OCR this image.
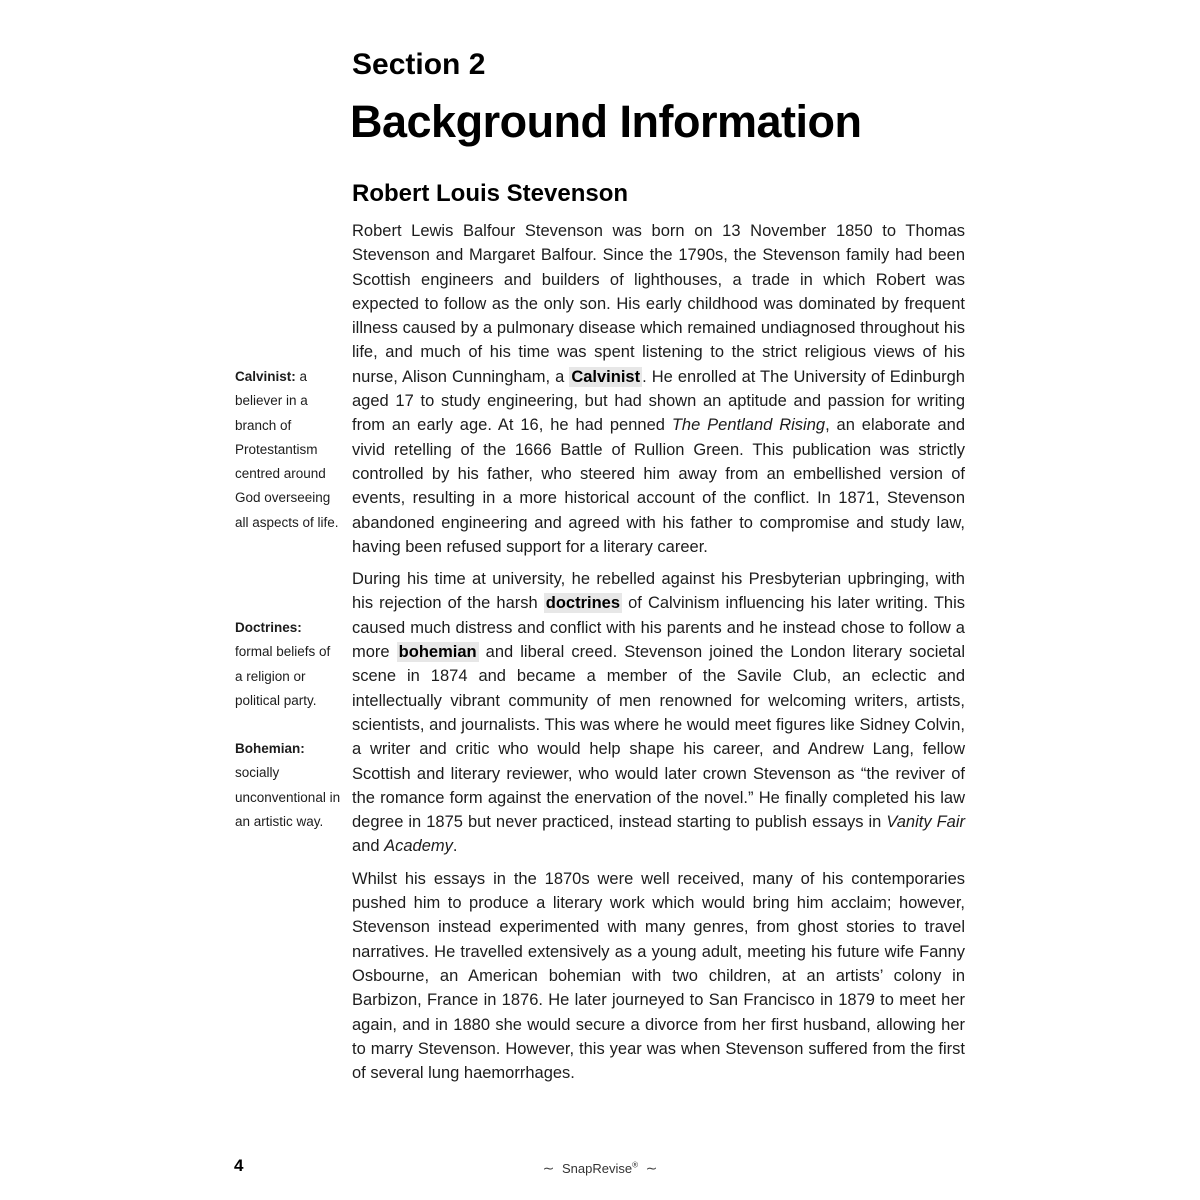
Section 2
Background Information
Robert Louis Stevenson

Robert Lewis Balfour Stevenson was born on 13 November 1850 to Thomas Stevenson and Margaret Balfour. Since the 1790s, the Stevenson family had been Scottish engineers and builders of lighthouses, a trade in which Robert was expected to follow as the only son. His early childhood was dominated by frequent illness caused by a pulmonary disease which remained undiagnosed throughout his life, and much of his time was spent listening to the strict religious views of his nurse, Alison Cunningham, a Calvinist . He enrolled at The University of Edinburgh aged 17 to study engineering, but had shown an aptitude and passion for writing from an early age. At 16, he had penned The Pentland Rising, an elaborate and vivid retelling of the 1666 Battle of Rullion Green. This publication was strictly controlled by his father, who steered him away from an embellished version of events, resulting in a more historical account of the conflict. In 1871, Stevenson abandoned engineering and agreed with his father to compromise and study law, having been refused support for a literary career.

During his time at university, he rebelled against his Presbyterian upbringing, with his rejection of the harsh doctrines of Calvinism influencing his later writing. This caused much distress and conflict with his parents and he instead chose to follow a more bohemian and liberal creed. Stevenson joined the London literary societal scene in 1874 and became a member of the Savile Club, an eclectic and intellectually vibrant community of men renowned for welcoming writers, artists, scientists, and journalists. This was where he would meet figures like Sidney Colvin, a writer and critic who would help shape his career, and Andrew Lang, fellow Scottish and literary reviewer, who would later crown Stevenson as “the reviver of the romance form against the enervation of the novel.” He finally completed his law degree in 1875 but never practiced, instead starting to publish essays in Vanity Fair and Academy.

Whilst his essays in the 1870s were well received, many of his contemporaries pushed him to produce a literary work which would bring him acclaim; however, Stevenson instead experimented with many genres, from ghost stories to travel narratives. He travelled extensively as a young adult, meeting his future wife Fanny Osbourne, an American bohemian with two children, at an artists’ colony in Barbizon, France in 1876. He later journeyed to San Francisco in 1879 to meet her again, and in 1880 she would secure a divorce from her first husband, allowing her to marry Stevenson. However, this year was when Stevenson suffered from the first of several lung haemorrhages.

Calvinist: a believer in a branch of Protestantism centred around God overseeing all aspects of life.
Doctrines: formal beliefs of a religion or political party.
Bohemian: socially unconventional in an artistic way.
4	∼ SnapRevise® ∼
